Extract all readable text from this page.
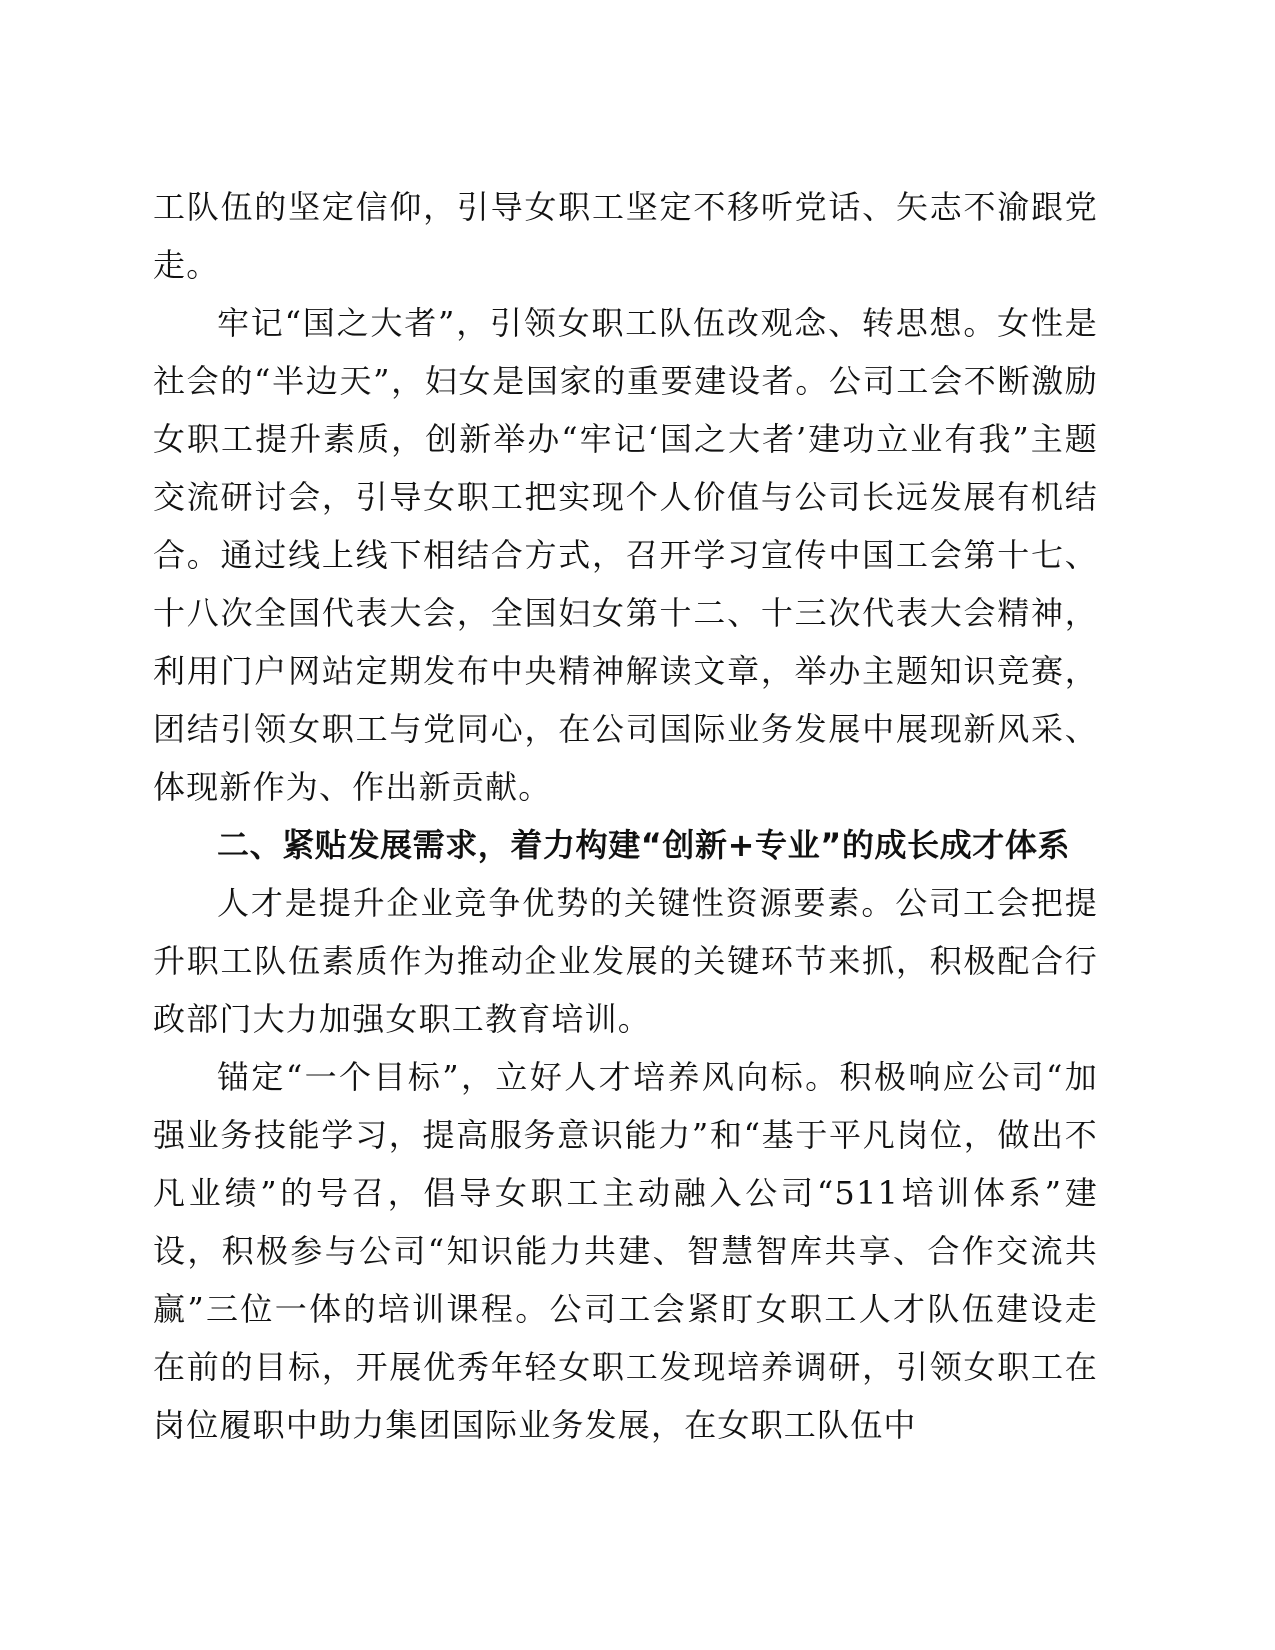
工队伍的坚定信仰，引导女职工坚定不移听党话、矢志不渝跟党走。

牢记“国之大者”，引领女职工队伍改观念、转思想。女性是社会的“半边天”，妇女是国家的重要建设者。公司工会不断激励女职工提升素质，创新举办“牢记‘国之大者’建功立业有我”主题交流研讨会，引导女职工把实现个人价值与公司长远发展有机结合。通过线上线下相结合方式，召开学习宣传中国工会第十七、十八次全国代表大会，全国妇女第十二、十三次代表大会精神，利用门户网站定期发布中央精神解读文章，举办主题知识竞赛，团结引领女职工与党同心，在公司国际业务发展中展现新风采、体现新作为、作出新贡献。

二、紧贴发展需求，着力构建“创新+专业”的成长成才体系

人才是提升企业竞争优势的关键性资源要素。公司工会把提升职工队伍素质作为推动企业发展的关键环节来抓，积极配合行政部门大力加强女职工教育培训。

锚定“一个目标”，立好人才培养风向标。积极响应公司“加强业务技能学习，提高服务意识能力”和“基于平凡岗位，做出不凡业绩”的号召，倡导女职工主动融入公司“511培训体系”建设，积极参与公司“知识能力共建、智慧智库共享、合作交流共赢”三位一体的培训课程。公司工会紧盯女职工人才队伍建设走在前的目标，开展优秀年轻女职工发现培养调研，引领女职工在岗位履职中助力集团国际业务发展，在女职工队伍中
